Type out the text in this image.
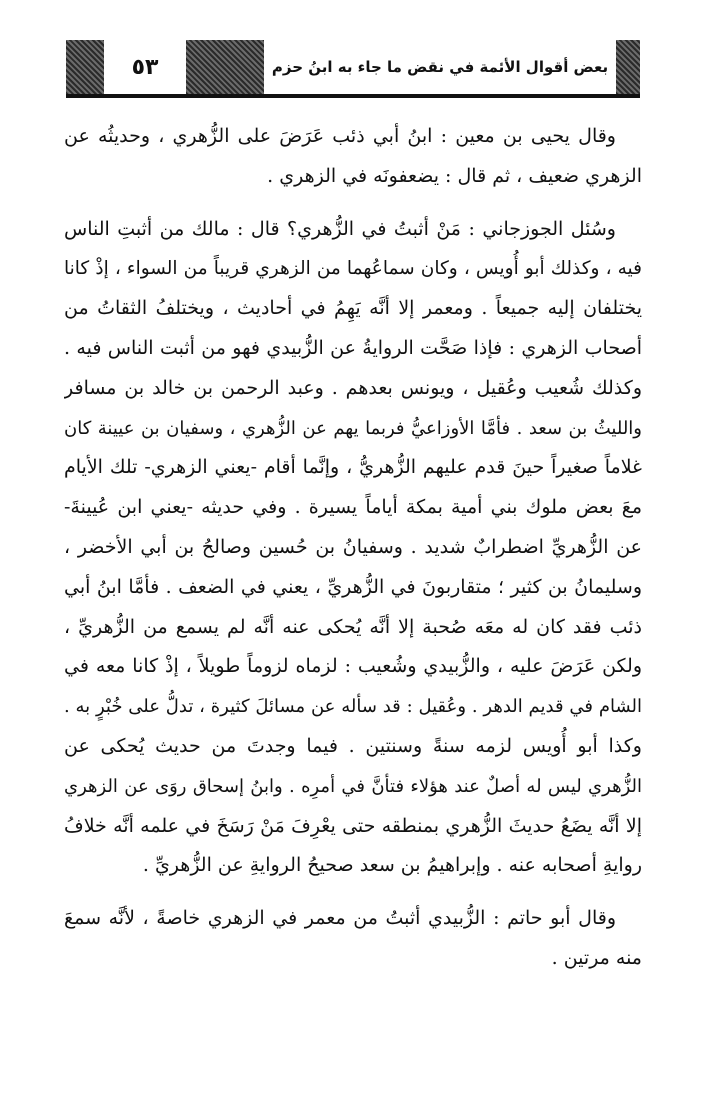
٥٣	بعض أقوال الأئمة في نقض ما جاء به ابنُ حزم
وقال يحيى بن معين : ابنُ أبي ذئب عَرَضَ على الزُّهري ، وحديثُه عن
الزهري ضعيف ، ثم قال : يضعفونَه في الزهري .
وسُئل الجوزجاني : مَنْ أثبتُ في الزُّهري؟ قال : مالك من أثبتِ الناس
فيه ، وكذلك أبو أُويس ، وكان سماعُهما من الزهري قريباً من السواء ، إذْ كانا
يختلفان إليه جميعاً . ومعمر إلا أنَّه يَهِمُ في أحاديث ، ويختلفُ الثقاتُ من
أصحاب الزهري : فإذا صَحَّت الروايةُ عن الزُّبيدي فهو من أثبت الناس فيه .
وكذلك شُعيب وعُقيل ، ويونس بعدهم . وعبد الرحمن بن خالد بن مسافر
والليثُ بن سعد . فأمَّا الأوزاعيُّ فربما يهم عن الزُّهري ، وسفيان بن عيينة كان
غلاماً صغيراً حينَ قدم عليهم الزُّهريُّ ، وإنَّما أقام -يعني الزهري- تلك الأيام
معَ بعض ملوك بني أمية بمكة أياماً يسيرة . وفي حديثه -يعني ابن عُيينةَ-
عن الزُّهريِّ اضطرابٌ شديد . وسفيانُ بن حُسين وصالحُ بن أبي الأخضر ،
وسليمانُ بن كثير ؛ متقاربونَ في الزُّهريِّ ، يعني في الضعف . فأمَّا ابنُ أبي
ذئب فقد كان له معَه صُحبة إلا أنَّه يُحكى عنه أنَّه لم يسمع من الزُّهريِّ ،
ولكن عَرَضَ عليه ، والزُّبيدي وشُعيب : لزماه لزوماً طويلاً ، إذْ كانا معه في
الشام في قديم الدهر . وعُقيل : قد سأله عن مسائلَ كثيرة ، تدلُّ على خُبْرٍ به .
وكذا أبو أُويس لزمه سنةً وسنتين . فيما وجدتَ من حديث يُحكى عن
الزُّهري ليس له أصلٌ عند هؤلاء فتأنَّ في أمرِه . وابنُ إسحاق روَى عن الزهري
إلا أنَّه يضَعُ حديثَ الزُّهري بمنطقه حتى يعْرِفَ مَنْ رَسَخَ في علمه أنَّه خلافُ
روايةِ أصحابه عنه . وإبراهيمُ بن سعد صحيحُ الروايةِ عن الزُّهريِّ .
وقال أبو حاتم : الزُّبيدي أثبتُ من معمر في الزهري خاصةً ، لأنَّه سمعَ
منه مرتين .
